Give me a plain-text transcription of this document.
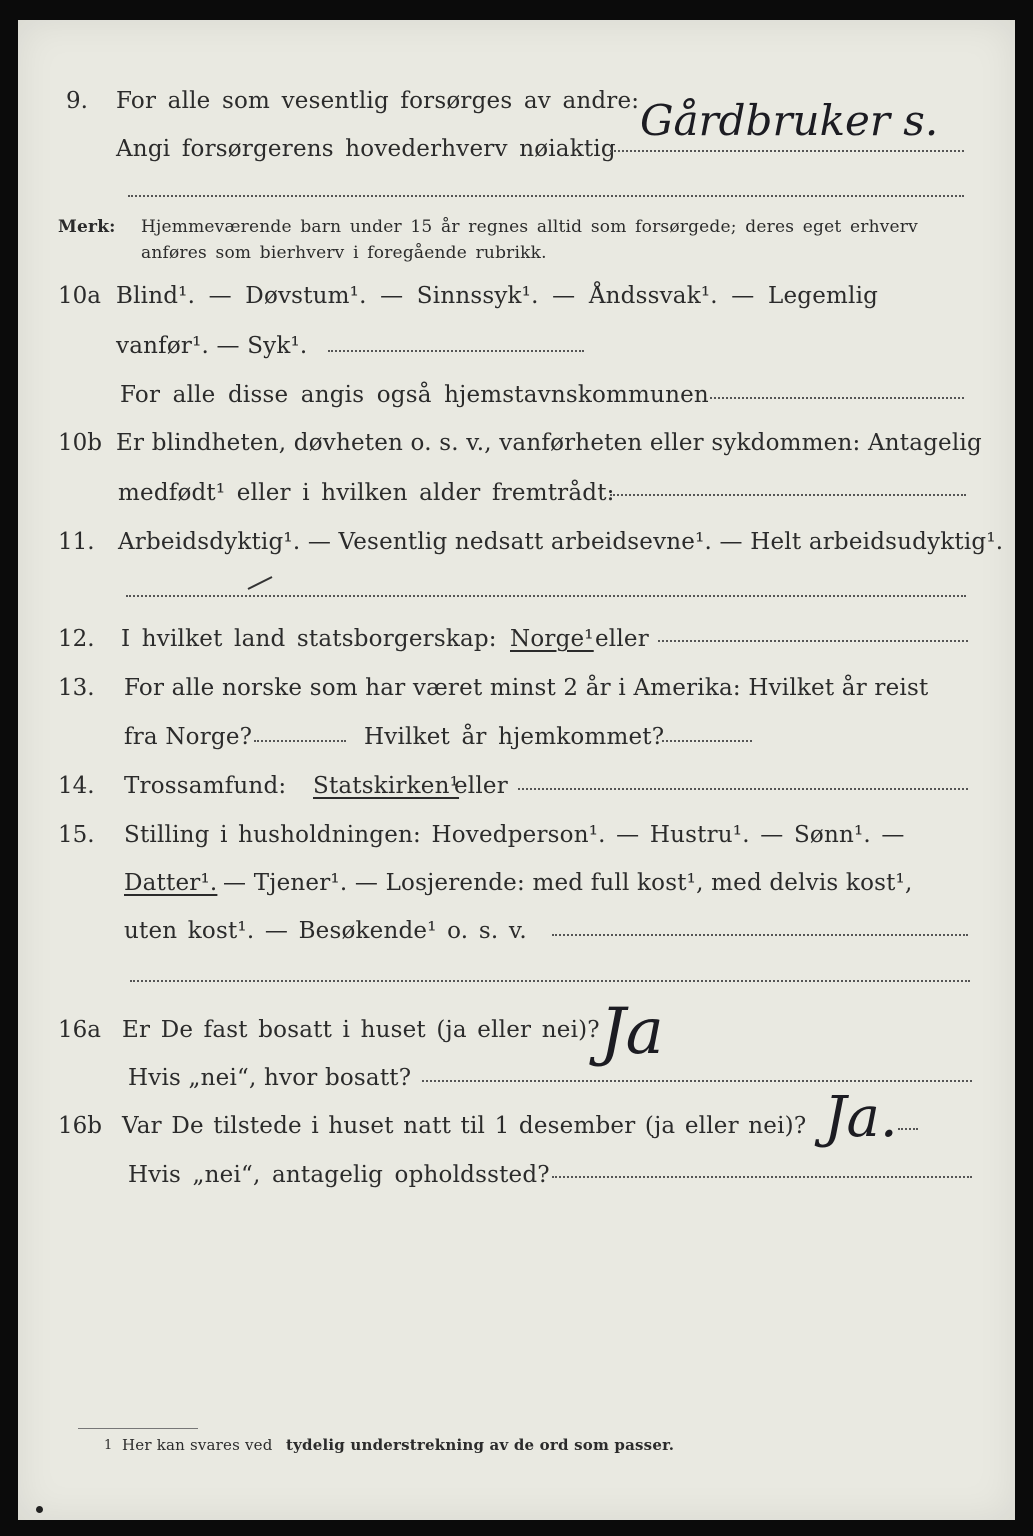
9. For alle som vesentlig forsørges av andre: Gårdbruker s.
Angi forsørgerens hovederhverv nøiaktig
Merk: Hjemmeværende barn under 15 år regnes alltid som forsørgede; deres eget erhverv
anføres som bierhverv i foregående rubrikk.
10a Blind¹. — Døvstum¹. — Sinnssyk¹. — Åndssvak¹. — Legemlig
vanfør¹. — Syk¹.
For alle disse angis også hjemstavnskommunen
10b Er blindheten, døvheten o. s. v., vanførheten eller sykdommen: Antagelig
medfødt¹ eller i hvilken alder fremtrådt:
11. Arbeidsdyktig¹. — Vesentlig nedsatt arbeidsevne¹. — Helt arbeidsudyktig¹.
12. I hvilket land statsborgerskap: Norge¹ eller
13. For alle norske som har været minst 2 år i Amerika: Hvilket år reist
fra Norge?	Hvilket år hjemkommet?
14. Trossamfund: Statskirken¹
eller
15. Stilling i husholdningen: Hovedperson¹. — Hustru¹. — Sønn¹. —
Datter¹. — Tjener¹. — Losjerende: med full kost¹, med delvis kost¹,
uten kost¹. — Besøkende¹ o. s. v.
16a Er De fast bosatt i huset (ja eller nei)? Ja
Hvis „nei“, hvor bosatt?
16b Var De tilstede i huset natt til 1 desember (ja eller nei)? Ja.
Hvis „nei“, antagelig opholdssted?
1 Her kan svares ved tydelig understrekning av de ord som passer.
